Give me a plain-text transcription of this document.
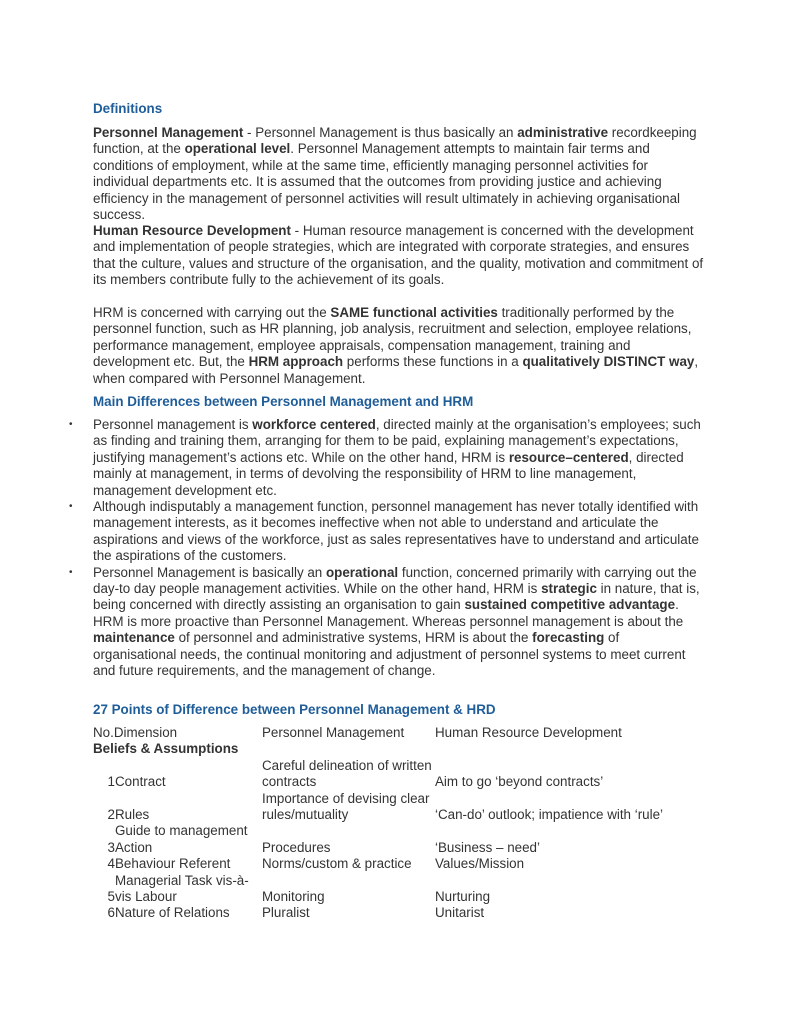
Definitions

Personnel Management - Personnel Management is thus basically an administrative recordkeeping function, at the operational level. Personnel Management attempts to maintain fair terms and conditions of employment, while at the same time, efficiently managing personnel activities for individual departments etc. It is assumed that the outcomes from providing justice and achieving efficiency in the management of personnel activities will result ultimately in achieving organisational success.

Human Resource Development - Human resource management is concerned with the development and implementation of people strategies, which are integrated with corporate strategies, and ensures that the culture, values and structure of the organisation, and the quality, motivation and commitment of its members contribute fully to the achievement of its goals.

HRM is concerned with carrying out the SAME functional activities traditionally performed by the personnel function, such as HR planning, job analysis, recruitment and selection, employee relations, performance management, employee appraisals, compensation management, training and development etc. But, the HRM approach performs these functions in a qualitatively DISTINCT way, when compared with Personnel Management.

Main Differences between Personnel Management and HRM
• Personnel management is workforce centered, directed mainly at the organisation’s employees; such as finding and training them, arranging for them to be paid, explaining management’s expectations, justifying management’s actions etc. While on the other hand, HRM is resource–centered, directed mainly at management, in terms of devolving the responsibility of HRM to line management, management development etc.
• Although indisputably a management function, personnel management has never totally identified with management interests, as it becomes ineffective when not able to understand and articulate the aspirations and views of the workforce, just as sales representatives have to understand and articulate the aspirations of the customers.
• Personnel Management is basically an operational function, concerned primarily with carrying out the day-to day people management activities. While on the other hand, HRM is strategic in nature, that is, being concerned with directly assisting an organisation to gain sustained competitive advantage.
HRM is more proactive than Personnel Management. Whereas personnel management is about the maintenance of personnel and administrative systems, HRM is about the forecasting of organisational needs, the continual monitoring and adjustment of personnel systems to meet current and future requirements, and the management of change.
27 Points of Difference between Personnel Management & HRD
No.Dimension		Personnel Management	Human Resource Development
Beliefs & Assumptions			
1	Contract	Careful delineation of written contracts	Aim to go ‘beyond contracts’
2	Rules	Importance of devising clear rules/mutuality	‘Can-do’ outlook; impatience with ‘rule’
3	Guide to management Action	Procedures	‘Business – need’
4	Behaviour Referent	Norms/custom & practice	Values/Mission
5	Managerial Task vis-à-vis Labour	Monitoring	Nurturing
6	Nature of Relations	Pluralist	Unitarist
